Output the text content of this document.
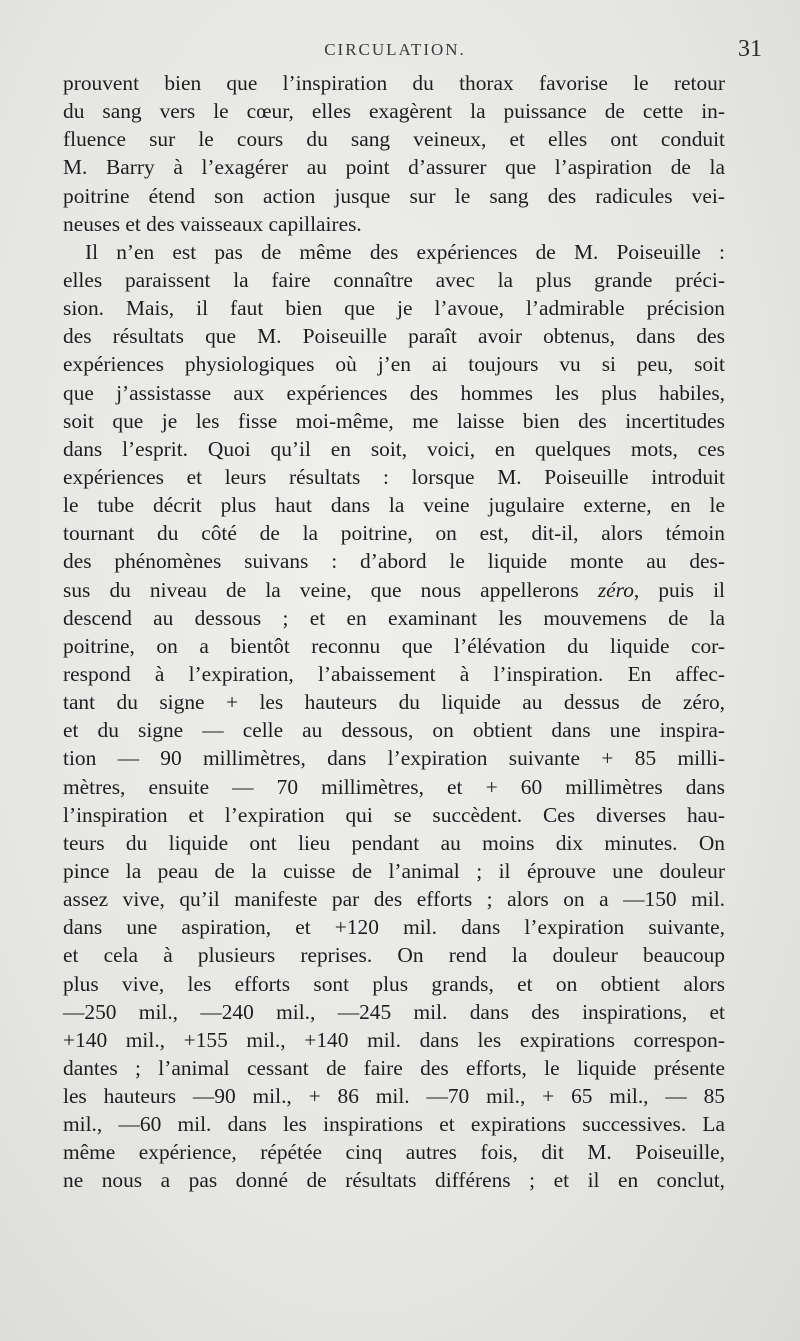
CIRCULATION.	31
prouvent bien que l’inspiration du thorax favorise le retour
du sang vers le cœur, elles exagèrent la puissance de cette in-
fluence sur le cours du sang veineux, et elles ont conduit
M. Barry à l’exagérer au point d’assurer que l’aspiration de la
poitrine étend son action jusque sur le sang des radicules vei-
neuses et des vaisseaux capillaires.
Il n’en est pas de même des expériences de M. Poiseuille :
elles paraissent la faire connaître avec la plus grande préci-
sion. Mais, il faut bien que je l’avoue, l’admirable précision
des résultats que M. Poiseuille paraît avoir obtenus, dans des
expériences physiologiques où j’en ai toujours vu si peu, soit
que j’assistasse aux expériences des hommes les plus habiles,
soit que je les fisse moi-même, me laisse bien des incertitudes
dans l’esprit. Quoi qu’il en soit, voici, en quelques mots, ces
expériences et leurs résultats : lorsque M. Poiseuille introduit
le tube décrit plus haut dans la veine jugulaire externe, en le
tournant du côté de la poitrine, on est, dit-il, alors témoin
des phénomènes suivans : d’abord le liquide monte au des-
sus du niveau de la veine, que nous appellerons zéro, puis il
descend au dessous ; et en examinant les mouvemens de la
poitrine, on a bientôt reconnu que l’élévation du liquide cor-
respond à l’expiration, l’abaissement à l’inspiration. En affec-
tant du signe + les hauteurs du liquide au dessus de zéro,
et du signe — celle au dessous, on obtient dans une inspira-
tion — 90 millimètres, dans l’expiration suivante + 85 milli-
mètres, ensuite — 70 millimètres, et + 60 millimètres dans
l’inspiration et l’expiration qui se succèdent. Ces diverses hau-
teurs du liquide ont lieu pendant au moins dix minutes. On
pince la peau de la cuisse de l’animal ; il éprouve une douleur
assez vive, qu’il manifeste par des efforts ; alors on a —150 mil.
dans une aspiration, et +120 mil. dans l’expiration suivante,
et cela à plusieurs reprises. On rend la douleur beaucoup
plus vive, les efforts sont plus grands, et on obtient alors
—250 mil., —240 mil., —245 mil. dans des inspirations, et
+140 mil., +155 mil., +140 mil. dans les expirations correspon-
dantes ; l’animal cessant de faire des efforts, le liquide présente
les hauteurs —90 mil., + 86 mil. —70 mil., + 65 mil., — 85
mil., —60 mil. dans les inspirations et expirations successives. La
même expérience, répétée cinq autres fois, dit M. Poiseuille,
ne nous a pas donné de résultats différens ; et il en conclut,
